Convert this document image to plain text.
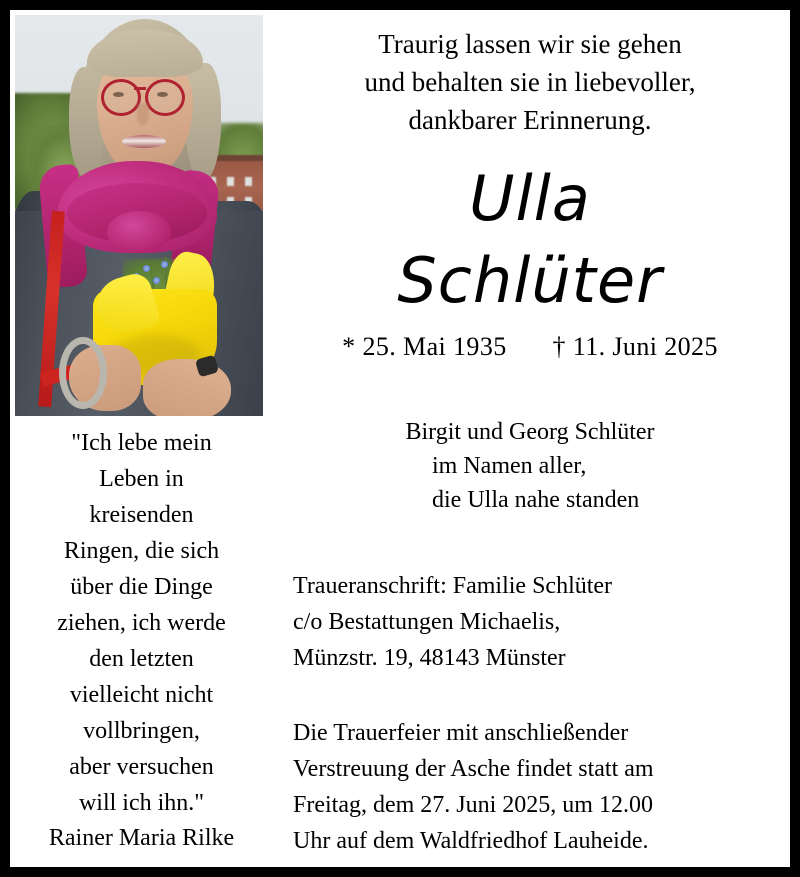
Traurig lassen wir sie gehen
und behalten sie in liebevoller,
dankbarer Erinnerung.
Ulla
Schlüter
* 25. Mai 1935 † 11. Juni 2025
Birgit und Georg Schlüter
im Namen aller,
die Ulla nahe standen
Traueranschrift: Familie Schlüter
c/o Bestattungen Michaelis,
Münzstr. 19, 48143 Münster
Die Trauerfeier mit anschließender
Verstreuung der Asche findet statt am
Freitag, dem 27. Juni 2025, um 12.00
Uhr auf dem Waldfriedhof Lauheide.
"Ich lebe mein
Leben in
kreisenden
Ringen, die sich
über die Dinge
ziehen, ich werde
den letzten
vielleicht nicht
vollbringen,
aber versuchen
will ich ihn."
Rainer Maria Rilke
